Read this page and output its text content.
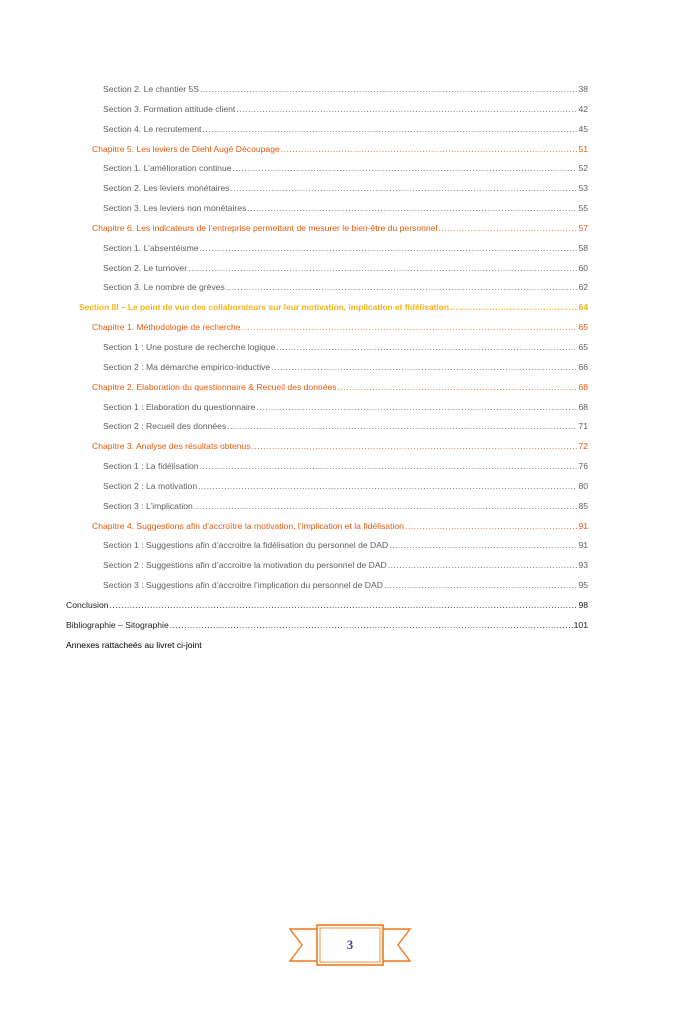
Section 2. Le chantier 5S .....	38
Section 3. Formation attitude client .....	42
Section 4. Le recrutement .....	45
Chapitre 5. Les leviers de Diehl Augé Découpage .....	51
Section 1. L’amélioration continue .....	52
Section 2. Les leviers monétaires .....	53
Section 3. Les leviers non monétaires .....	55
Chapitre 6. Les indicateurs de l’entreprise permettant de mesurer le bien-être du personnel .....	57
Section 1. L’absentéisme .....	58
Section 2. Le turnover .....	60
Section 3. Le nombre de grèves .....	62
Section III – Le point de vue des collaborateurs sur leur motivation, implication et fidélisation .....	64
Chapitre 1. Méthodologie de recherche .....	65
Section 1 : Une posture de recherche logique .....	65
Section 2 : Ma démarche empirico-inductive .....	66
Chapitre 2. Elaboration du questionnaire & Recueil des données .....	68
Section 1 : Elaboration du questionnaire .....	68
Section 2 : Recueil des données .....	71
Chapitre 3. Analyse des résultats obtenus .....	72
Section 1 : La fidélisation .....	76
Section 2 : La motivation .....	80
Section 3 : L’implication .....	85
Chapitre 4. Suggestions afin d’accroître la motivation, l’implication et la fidélisation .....	91
Section 1 : Suggestions afin d’accroitre la fidélisation du personnel de DAD .....	91
Section 2 : Suggestions afin d’accroitre la motivation du personnel de DAD .....	93
Section 3 : Suggestions afin d’accroitre l’implication du personnel de DAD .....	95
Conclusion .....	98
Bibliographie – Sitographie .....	101
Annexes rattacheés au livret ci-joint
3
